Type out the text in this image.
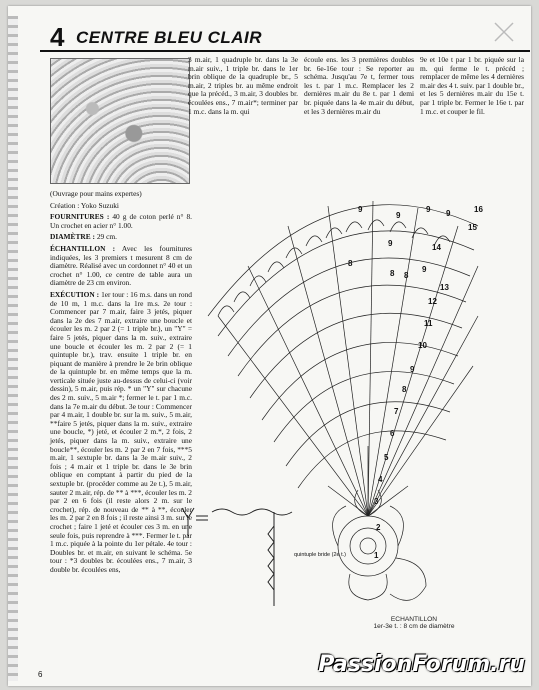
4 CENTRE BLEU CLAIR

3 m.air, 1 quadruple br. dans la 3e m.air suiv., 1 triple br. dans le 1er brin oblique de la quadruple br., 5 m.air, 2 triples br. au même endroit que la précéd., 3 m.air, 3 doubles br. écoulées ens., 7 m.air*; terminer par 1 m.c. dans la m. qui

écoule ens. les 3 premières doubles br. 6e-16e tour : Se reporter au schéma. Jusqu'au 7e t, fermer tous les t. par 1 m.c. Remplacer les 2 dernières m.air du 8e t. par 1 demi br. piquée dans la 4e m.air du début, et les 3 dernières m.air du

9e et 10e t par 1 br. piquée sur la m. qui ferme le t. précéd ; remplacer de même les 4 dernières m.air des 4 t. suiv. par 1 double br., et les 5 dernières m.air du 15e t. par 1 triple br. Fermer le 16e t. par 1 m.c. et couper le fil.

(Ouvrage pour mains expertes)

Création : Yoko Suzuki

FOURNITURES : 40 g de coton perlé n° 8. Un crochet en acier n° 1.00.

DIAMÈTRE : 29 cm.

ÉCHANTILLON : Avec les fournitures indiquées, les 3 premiers t mesurent 8 cm de diamètre. Réalisé avec un cordonnet n° 40 et un crochet n° 1.00, ce centre de table aura un diamètre de 23 cm environ.

EXÉCUTION : 1er tour : 16 m.s. dans un rond de 10 m, 1 m.c. dans la 1re m.s. 2e tour : Commencer par 7 m.air, faire 3 jetés, piquer dans la 2e des 7 m.air, extraire une boucle et écouler les m. 2 par 2 (= 1 triple br.), un "Y" = faire 5 jetés, piquer dans la m. suiv., extraire une boucle et écouler les m. 2 par 2 (= 1 quintuple br.), trav. ensuite 1 triple br. en piquant de manière à prendre le 2e brin oblique de la quintuple br. en même temps que la m. verticale située juste au-dessus de celui-ci (voir dessin), 5 m.air, puis rép. * un "Y" sur chacune des 2 m. suiv., 5 m.air *; fermer le t. par 1 m.c. dans la 7e m.air du début. 3e tour : Commencer par 4 m.air, 1 double br. sur la m. suiv., 5 m.air, **faire 5 jetés, piquer dans la m. suiv., extraire une boucle, *) jeté, et écouler 2 m.*, 2 fois, 2 jetés, piquer dans la m. suiv., extraire une boucle**, écouler les m. 2 par 2 en 7 fois, ***5 m.air, 1 sextuple br. dans la 3e m.air suiv., 2 fois ; 4 m.air et 1 triple br. dans le 3e brin oblique en comptant à partir du pied de la sextuple br. (procéder comme au 2e t.), 5 m.air, sauter 2 m.air, rép. de ** à ***, écouler les m. 2 par 2 en 6 fois (il reste alors 2 m. sur le crochet), rép. de nouveau de ** à **, écouler les m. 2 par 2 en 8 fois ; il reste ainsi 3 m. sur le crochet ; faire 1 jeté et écouler ces 3 m. en une seule fois, puis reprendre à ***. Fermer le t. par 1 m.c. piquée à la pointe du 1er pétale. 4e tour : Doubles br. et m.air, en suivant le schéma. 5e tour : *3 doubles br. écoulées ens., 7 m.air, 3 double br. écoulées ens,

16
15
14
13
12
11
10
9
8
7
6
5
4
3
2
1
9
9
9 9
9
8
8 8
9
quintuple bride (2e t.)
ECHANTILLON
1er-3e t. : 8 cm de diamètre
6	PassionForum.ru
